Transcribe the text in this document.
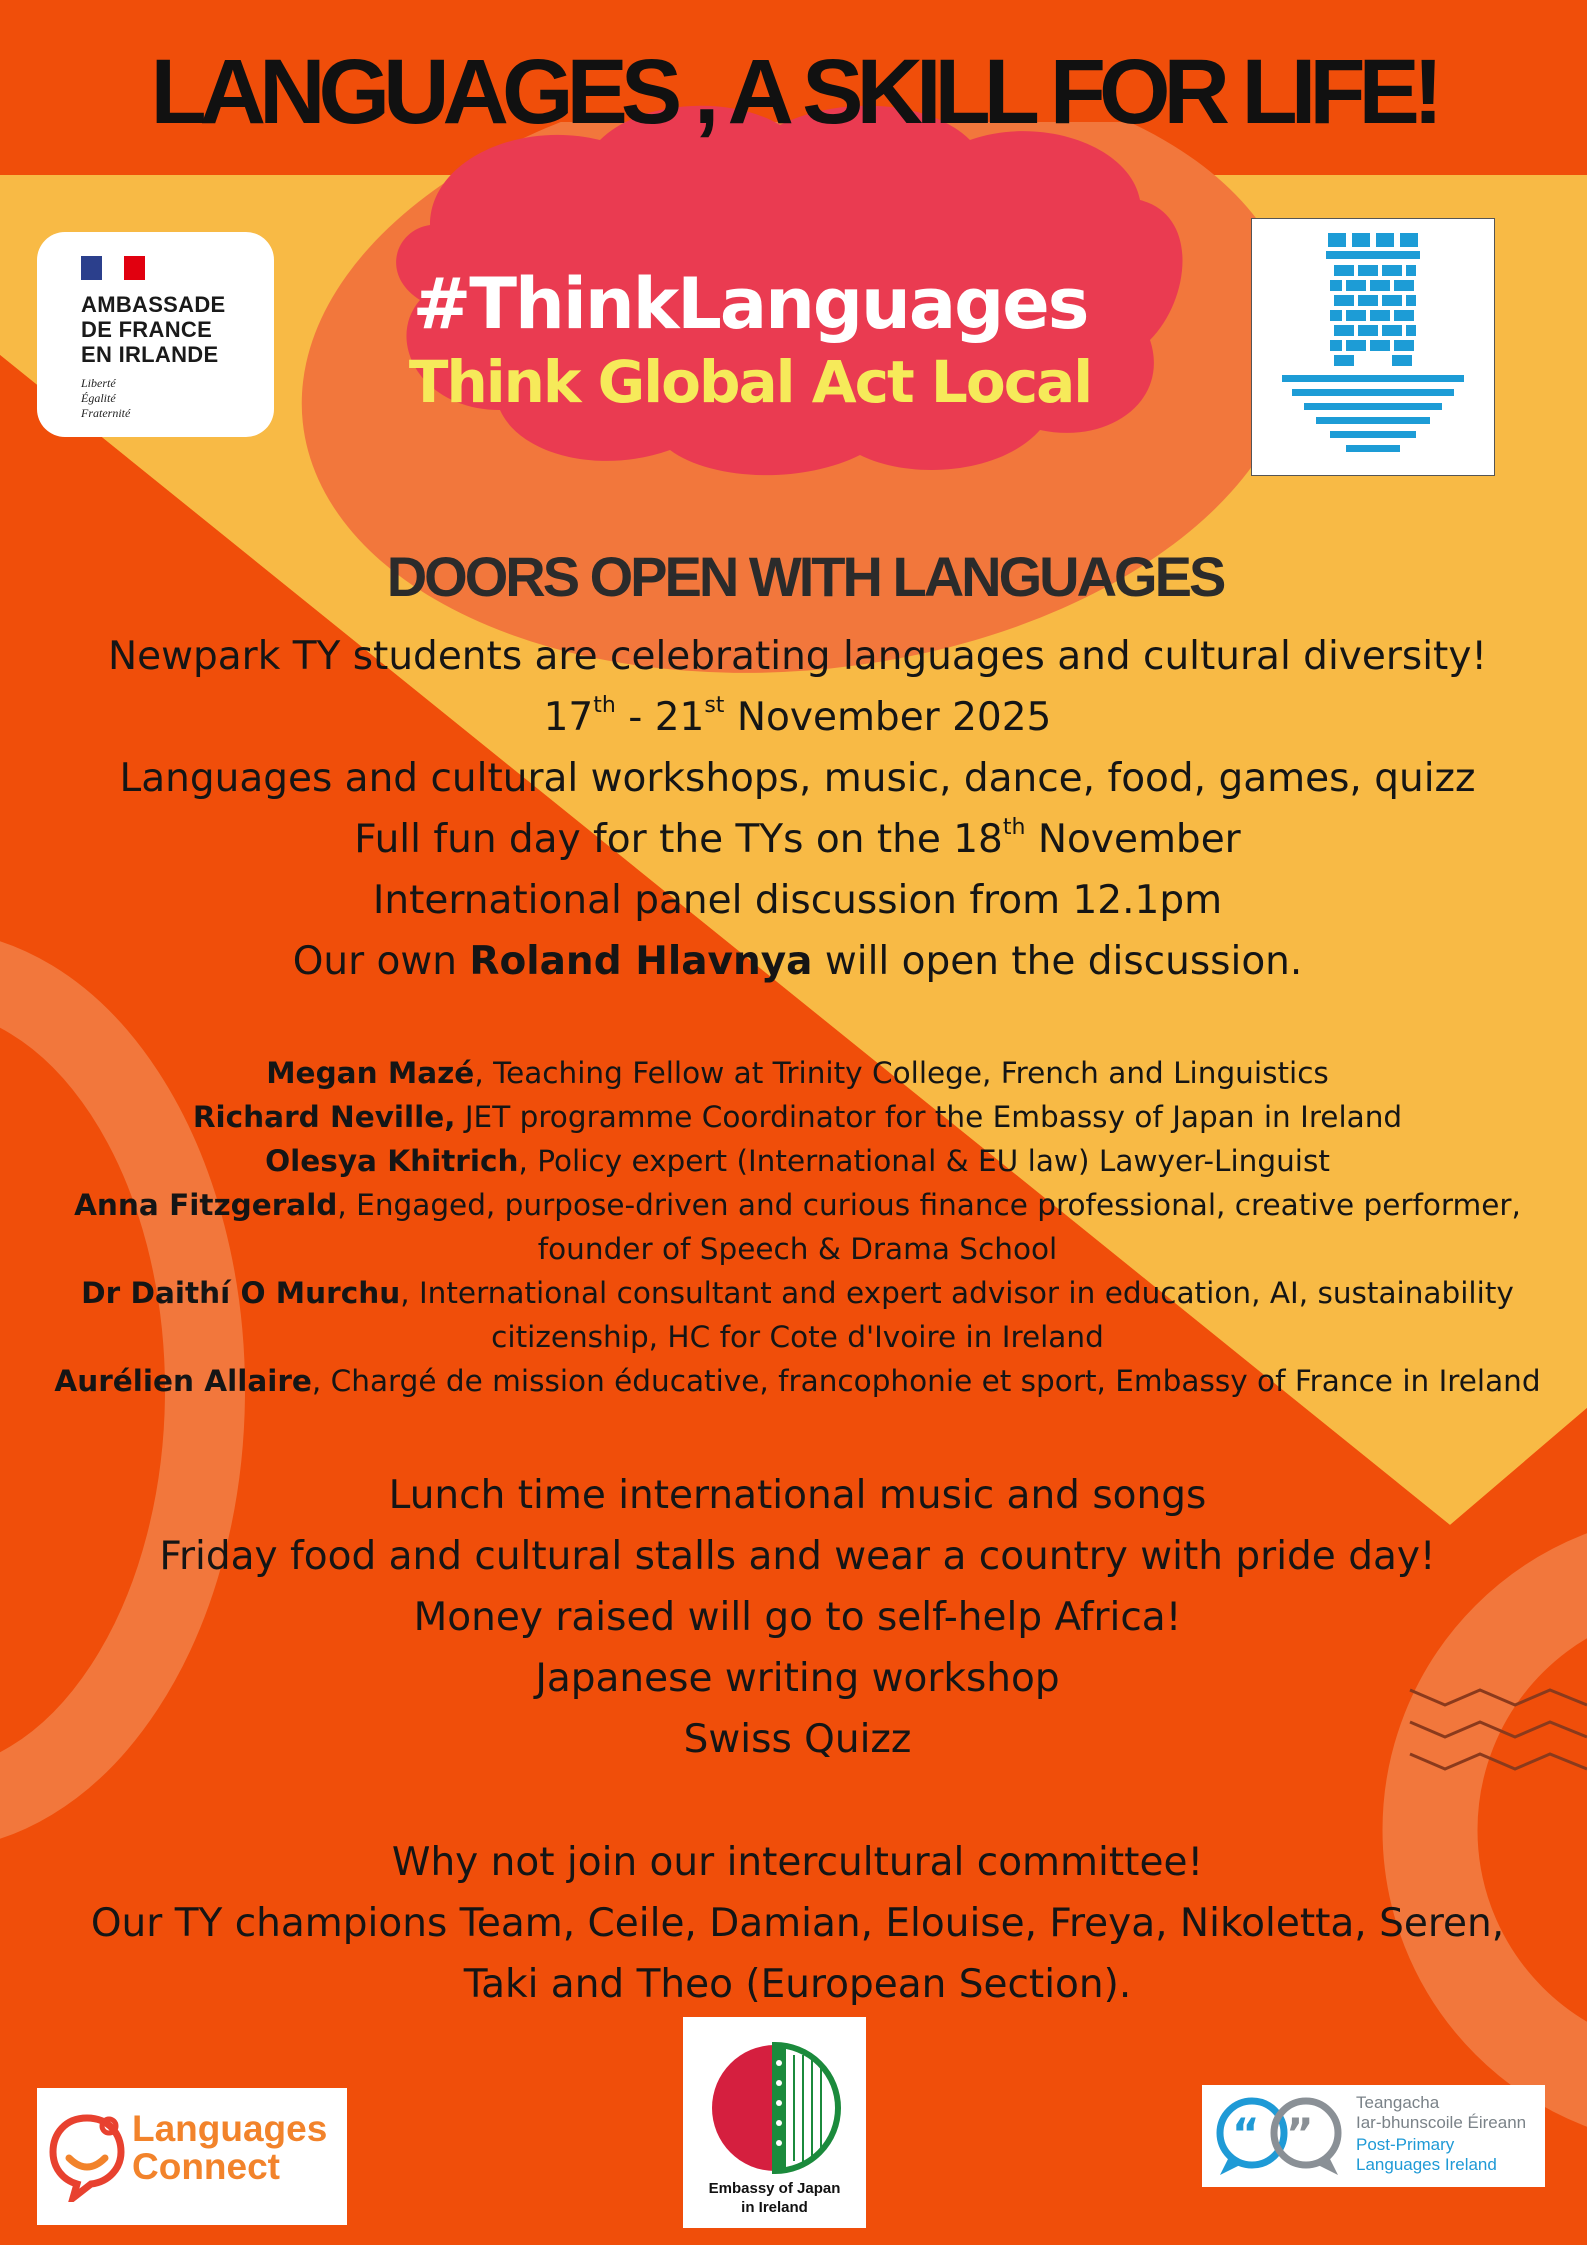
LANGUAGES , A SKILL FOR LIFE!
AMBASSADE
DE FRANCE
EN IRLANDE
Liberté
Égalité
Fraternité
#ThinkLanguages
Think Global Act Local
DOORS OPEN WITH LANGUAGES
Newpark TY students are celebrating languages and cultural diversity!
17th - 21st November 2025
Languages and cultural workshops, music, dance, food, games, quizz
Full fun day for the TYs on the 18th November
International panel discussion from 12.1pm
Our own Roland Hlavnya will open the discussion.

Megan Mazé, Teaching Fellow at Trinity College, French and Linguistics

Richard Neville, JET programme Coordinator for the Embassy of Japan in Ireland

Olesya Khitrich, Policy expert (International & EU law) Lawyer-Linguist

Anna Fitzgerald, Engaged, purpose-driven and curious finance professional, creative performer,

founder of Speech & Drama School

Dr Daithí O Murchu, International consultant and expert advisor in education, AI, sustainability

citizenship, HC for Cote d'Ivoire in Ireland

Aurélien Allaire, Chargé de mission éducative, francophonie et sport, Embassy of France in Ireland

Lunch time international music and songs
Friday food and cultural stalls and wear a country with pride day!
Money raised will go to self-help Africa!
Japanese writing workshop
Swiss Quizz
Why not join our intercultural committee!
Our TY champions Team, Ceile, Damian, Elouise, Freya, Nikoletta, Seren,
Taki and Theo (European Section).
Languages
Connect
Embassy of Japan
in Ireland
“ ”
Teangacha
Iar-bhunscoile Éireann
Post-Primary
Languages Ireland
